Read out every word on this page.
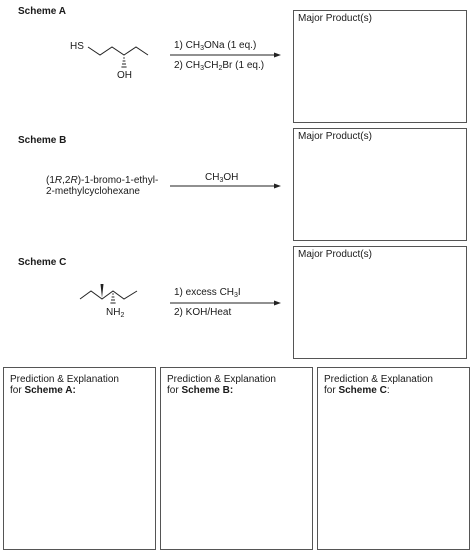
Scheme A
HS
OH
1) $CH_3ONa$ (1 eq.)
2) $CH_3CH_2Br$ (1 eq.)
Major Product(s)
Scheme B
(1R,2R)-1-bromo-1-ethyl-
2-methylcyclohexane
$CH_3OH$
Major Product(s)
Scheme C
$NH_2$
1) excess $CH_3I$
2) KOH/Heat
Major Product(s)
Prediction & Explanation
for Scheme A:
Prediction & Explanation
for Scheme B:
Prediction & Explanation
for Scheme C:
